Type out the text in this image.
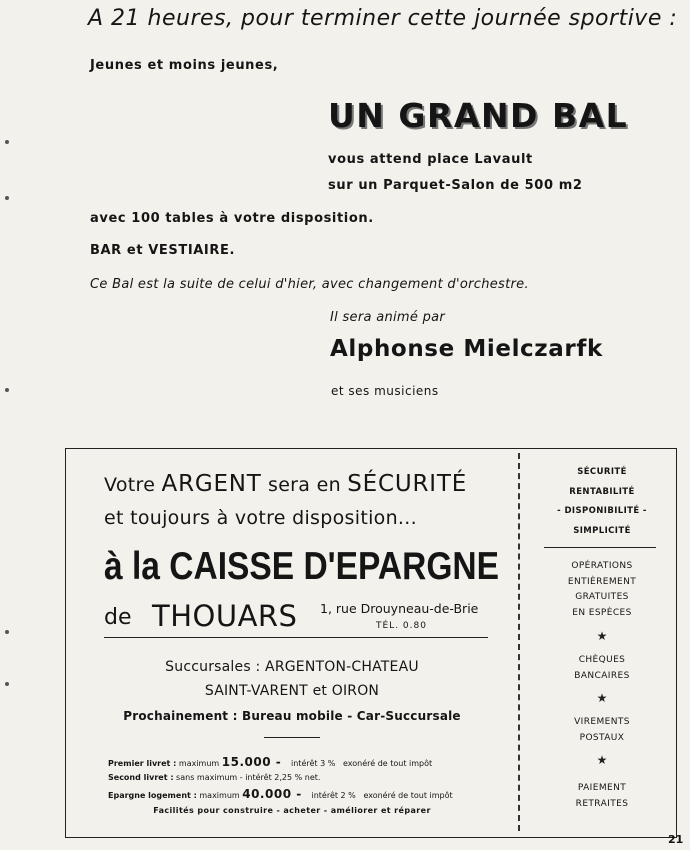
A 21 heures, pour terminer cette journée sportive :
Jeunes et moins jeunes,
UN GRAND BAL
vous attend place Lavault
sur un Parquet-Salon de 500 m2
avec 100 tables à votre disposition.
BAR et VESTIAIRE.
Ce Bal est la suite de celui d'hier, avec changement d'orchestre.
Il sera animé par
Alphonse Mielczarfk
et ses musiciens
Votre ARGENT sera en SÉCURITÉ
et toujours à votre disposition...
à la CAISSE D'EPARGNE
de THOUARS 1, rue Drouyneau-de-Brie
TÉL. 0.80
Succursales : ARGENTON-CHATEAU
SAINT-VARENT et OIRON
Prochainement : Bureau mobile - Car-Succursale
Premier livret : maximum 15.000 -   intérêt 3 % exonéré de tout impôt
Second livret : sans maximum - intérêt 2,25 % net.
Epargne logement : maximum 40.000 -   intérêt 2 % exonéré de tout impôt
Facilités pour construire - acheter - améliorer et réparer
SÉCURITÉ
RENTABILITÉ
- DISPONIBILITÉ -
SIMPLICITÉ
OPÉRATIONS
ENTIÈREMENT
GRATUITES
EN ESPÈCES
★
CHÈQUES
BANCAIRES
★
VIREMENTS
POSTAUX
★
PAIEMENT
RETRAITES
21
